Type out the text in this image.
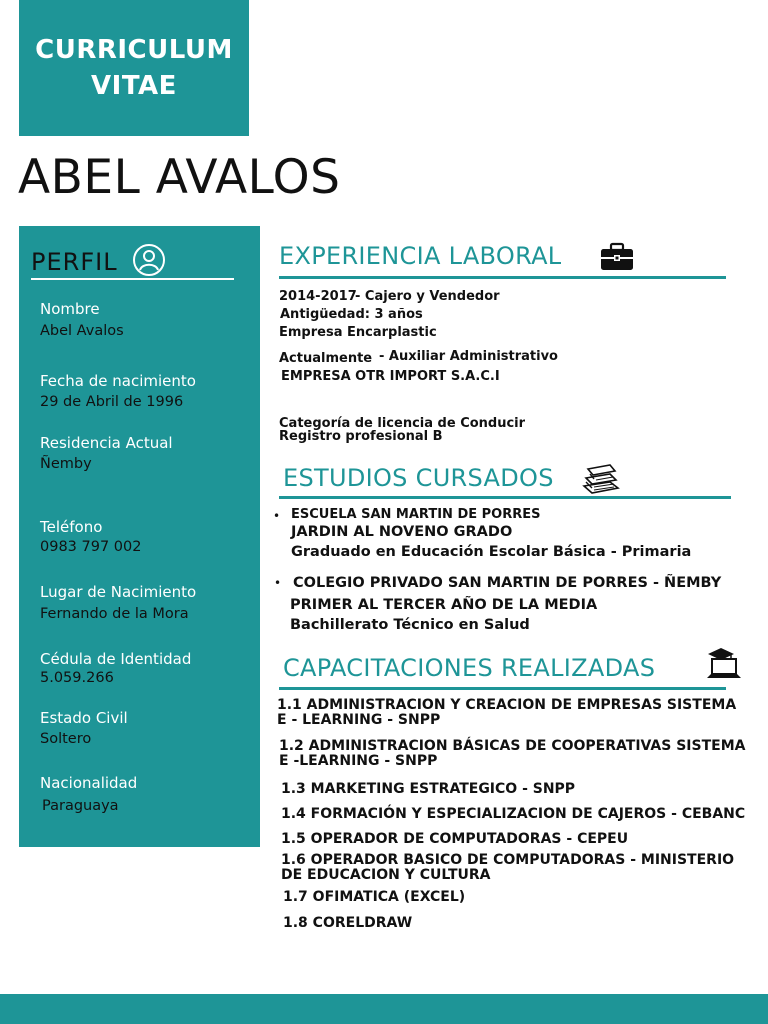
CURRICULUM
VITAE
ABEL AVALOS
PERFIL
Nombre
Abel Avalos
Fecha de nacimiento
29 de Abril de 1996
Residencia Actual
Ñemby
Teléfono
0983 797 002
Lugar de Nacimiento
Fernando de la Mora
Cédula de Identidad
5.059.266
Estado Civil
Soltero
Nacionalidad
Paraguaya
EXPERIENCIA LABORAL
2014-2017
- Cajero y Vendedor
Antigüedad: 3 años
Empresa Encarplastic
Actualmente - Auxiliar Administrativo
EMPRESA OTR IMPORT S.A.C.I
Categoría de licencia de Conducir
Registro profesional B
ESTUDIOS CURSADOS
• ESCUELA SAN MARTIN DE PORRES
JARDIN AL NOVENO GRADO
Graduado en Educación Escolar Básica - Primaria
• COLEGIO PRIVADO SAN MARTIN DE PORRES - ÑEMBY
PRIMER AL TERCER AÑO DE LA MEDIA
Bachillerato Técnico en Salud
CAPACITACIONES REALIZADAS
1.1 ADMINISTRACION Y CREACION DE EMPRESAS SISTEMA E - LEARNING - SNPP
1.2 ADMINISTRACION BÁSICAS DE COOPERATIVAS SISTEMA E -LEARNING - SNPP
1.3 MARKETING ESTRATEGICO - SNPP
1.4 FORMACIÓN Y ESPECIALIZACION DE CAJEROS - CEBANC
1.5 OPERADOR DE COMPUTADORAS - CEPEU
1.6 OPERADOR BASICO DE COMPUTADORAS - MINISTERIO DE EDUCACION Y CULTURA
1.7 OFIMATICA (EXCEL)
1.8 CORELDRAW
